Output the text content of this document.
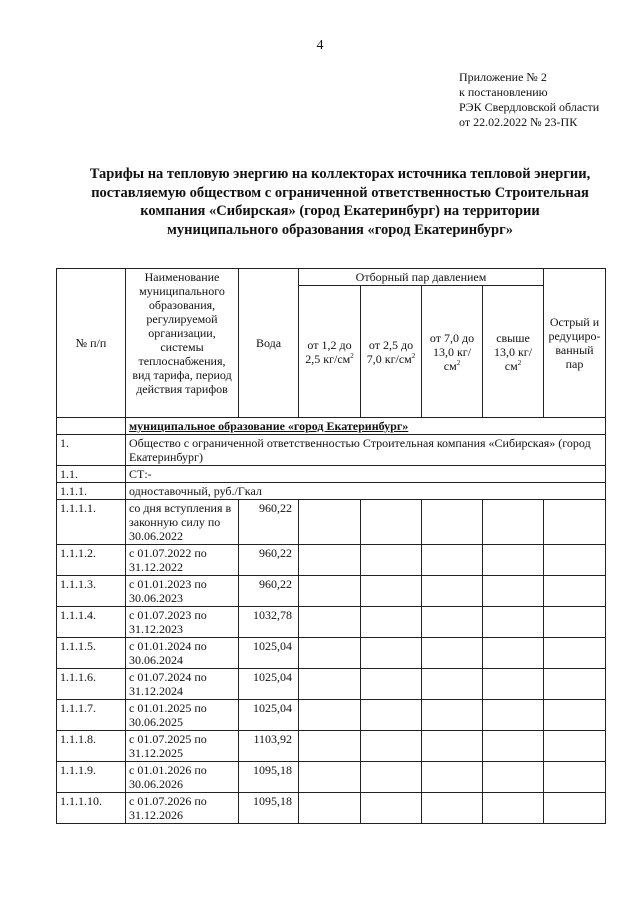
4
Приложение № 2
к постановлению
РЭК Свердловской области
от 22.02.2022 № 23-ПК
Тарифы на тепловую энергию на коллекторах источника тепловой энергии,
поставляемую обществом с ограниченной ответственностью Строительная
компания «Сибирская» (город Екатеринбург) на территории
муниципального образования «город Екатеринбург»
№ п/п	Наименование муниципального образования, регулируемой организации, системы теплоснабжения, вид тарифа, период действия тарифов	Вода	Отборный пар давлением				Острый и редуциро-ванный пар
			от 1,2 до 2,5 $кг/см^2$	от 2,5 до 7,0 $кг/см^2$	от 7,0 до 13,0 $кг/см^2$	свыше 13,0 $кг/см^2$
	муниципальное образование «город Екатеринбург»						
1.	Общество с ограниченной ответственностью Строительная компания «Сибирская» (город Екатеринбург)						
1.1.	СТ:-						
1.1.1.	одноставочный, руб./Гкал						
1.1.1.1.	со дня вступления в законную силу по 30.06.2022	960,22					
1.1.1.2.	с 01.07.2022 по 31.12.2022	960,22					
1.1.1.3.	с 01.01.2023 по 30.06.2023	960,22					
1.1.1.4.	с 01.07.2023 по 31.12.2023	1032,78					
1.1.1.5.	с 01.01.2024 по 30.06.2024	1025,04					
1.1.1.6.	с 01.07.2024 по 31.12.2024	1025,04					
1.1.1.7.	с 01.01.2025 по 30.06.2025	1025,04					
1.1.1.8.	с 01.07.2025 по 31.12.2025	1103,92					
1.1.1.9.	с 01.01.2026 по 30.06.2026	1095,18					
1.1.1.10.	с 01.07.2026 по 31.12.2026	1095,18					
